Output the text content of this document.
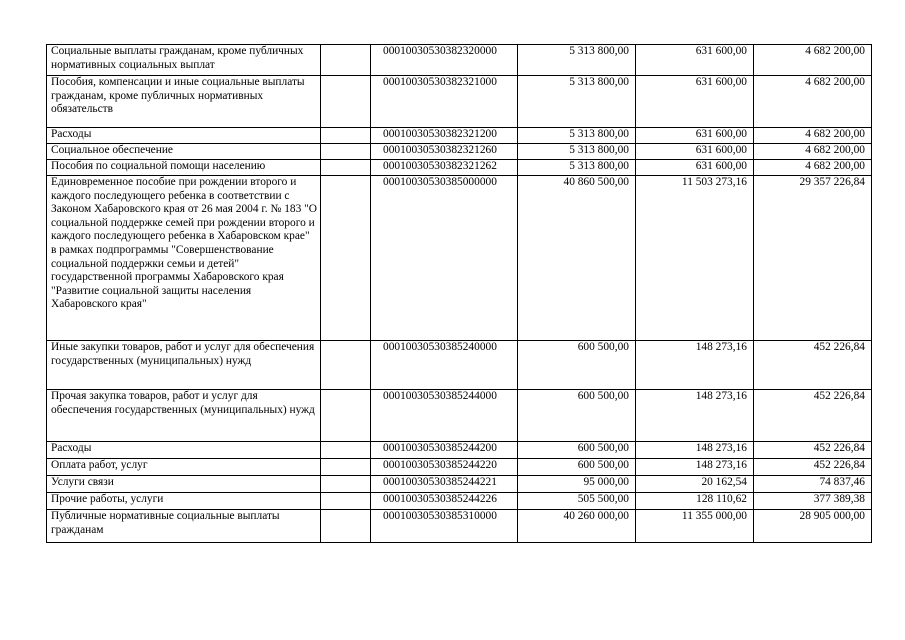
Социальные выплаты гражданам, кроме публичных нормативных социальных выплат		00010030530382320000	5 313 800,00	631 600,00	4 682 200,00
Пособия, компенсации и иные социальные выплаты гражданам, кроме публичных нормативных обязательств		00010030530382321000	5 313 800,00	631 600,00	4 682 200,00
Расходы		00010030530382321200	5 313 800,00	631 600,00	4 682 200,00
Социальное обеспечение		00010030530382321260	5 313 800,00	631 600,00	4 682 200,00
Пособия по социальной помощи населению		00010030530382321262	5 313 800,00	631 600,00	4 682 200,00
Единовременное пособие при рождении второго и каждого последующего ребенка в соответствии с Законом Хабаровского края от 26 мая 2004 г. № 183 "О социальной поддержке семей при рождении второго и каждого последующего ребенка в Хабаровском крае" в рамках подпрограммы "Совершенствование социальной поддержки семьи и детей" государственной программы Хабаровского края "Развитие социальной защиты населения Хабаровского края"		00010030530385000000	40 860 500,00	11 503 273,16	29 357 226,84
Иные закупки товаров, работ и услуг для обеспечения государственных (муниципальных) нужд		00010030530385240000	600 500,00	148 273,16	452 226,84
Прочая закупка товаров, работ и услуг для обеспечения государственных (муниципальных) нужд		00010030530385244000	600 500,00	148 273,16	452 226,84
Расходы		00010030530385244200	600 500,00	148 273,16	452 226,84
Оплата работ, услуг		00010030530385244220	600 500,00	148 273,16	452 226,84
Услуги связи		00010030530385244221	95 000,00	20 162,54	74 837,46
Прочие работы, услуги		00010030530385244226	505 500,00	128 110,62	377 389,38
Публичные нормативные социальные выплаты гражданам		00010030530385310000	40 260 000,00	11 355 000,00	28 905 000,00
